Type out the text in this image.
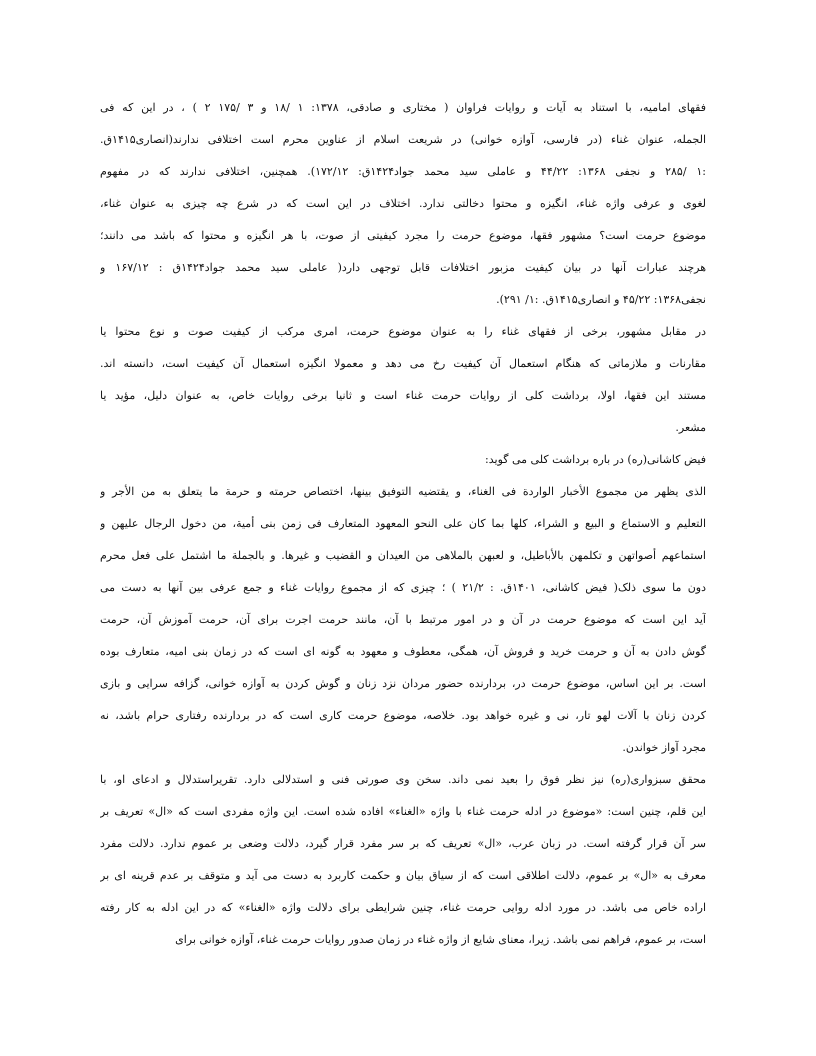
فقهای امامیه، با استناد به آیات و روایات فراوان ( مختاری و صادقی، ۱۳۷۸: ۱ /۱۸ و ۳ /۱۷۵ ۲ ) ، در این که فی
الجمله، عنوان غناء (در فارسی، آوازه خوانی) در شریعت اسلام از عناوین محرم است اختلافی ندارند(انصاری۱۴۱۵ق.
:۱ /۲۸۵ و نجفی ۱۳۶۸: ۴۴/۲۲ و عاملی سید محمد جواد۱۴۲۴ق: ۱۷۲/۱۲). همچنین، اختلافی ندارند که در مفهوم
لغوی و عرفی واژه غناء، انگیزه و محتوا دخالتی ندارد. اختلاف در این است که در شرع چه چیزی به عنوان غناء،
موضوع حرمت است؟ مشهور فقها، موضوع حرمت را مجرد کیفیتی از صوت، با هر انگیزه و محتوا که باشد می دانند؛
هرچند عبارات آنها در بیان کیفیت مزبور اختلافات قابل توجهی دارد( عاملی سید محمد جواد۱۴۲۴ق : ۱۶۷/۱۲ و
نجفی۱۳۶۸: ۴۵/۲۲ و انصاری۱۴۱۵ق. :۱/ ۲۹۱).
در مقابل مشهور، برخی از فقهای غناء را به عنوان موضوع حرمت، امری مرکب از کیفیت صوت و نوع محتوا یا
مقارنات و ملازماتی که هنگام استعمال آن کیفیت رخ می دهد و معمولا انگیزه استعمال آن کیفیت است، دانسته اند.
مستند این فقها، اولا، برداشت کلی از روایات حرمت غناء است و ثانیا برخی روایات خاص، به عنوان دلیل، مؤید یا
مشعر.
فیض کاشانی(ره) در باره برداشت کلی می گوید:
الذی یظهر من مجموع الأخبار الواردة فی الغناء، و یقتضیه التوفیق بینها، اختصاص حرمته و حرمة ما یتعلق به من الأجر و
التعلیم و الاستماع و البیع و الشراء، کلها بما کان علی النحو المعهود المتعارف فی زمن بنی أمیة، من دخول الرجال علیهن و
استماعهم أصواتهن و تکلمهن بالأباطیل، و لعبهن بالملاهی من العیدان و القضیب و غیرها. و بالجملة ما اشتمل علی فعل محرم
دون ما سوی ذلک( فیض کاشانی، ۱۴۰۱ق. : ۲۱/۲ ) ؛ چیزی که از مجموع روایات غناء و جمع عرفی بین آنها به دست می
آید این است که موضوع حرمت در آن و در امور مرتبط با آن، مانند حرمت اجرت برای آن، حرمت آموزش آن، حرمت
گوش دادن به آن و حرمت خرید و فروش آن، همگی، معطوف و معهود به گونه ای است که در زمان بنی امیه، متعارف بوده
است. بر این اساس، موضوع حرمت در، بردارنده حضور مردان نزد زنان و گوش کردن به آوازه خوانی، گزافه سرایی و بازی
کردن زنان با آلات لهو تار، نی و غیره خواهد بود. خلاصه، موضوع حرمت کاری است که در بردارنده رفتاری حرام باشد، نه
مجرد آواز خواندن.
محقق سبزواری(ره) نیز نظر فوق را بعید نمی داند. سخن وی صورتی فنی و استدلالی دارد. تقریراستدلال و ادعای او، با
این قلم، چنین است: «موضوع در ادله حرمت غناء با واژه «الغناء» افاده شده است. این واژه مفردی است که «ال» تعریف بر
سر آن قرار گرفته است. در زبان عرب، «ال» تعریف که بر سر مفرد قرار گیرد، دلالت وضعی بر عموم ندارد. دلالت مفرد
معرف به «ال» بر عموم، دلالت اطلاقی است که از سیاق بیان و حکمت کاربرد به دست می آید و متوقف بر عدم قرینه ای بر
اراده خاص می باشد. در مورد ادله روایی حرمت غناء، چنین شرایطی برای دلالت واژه «الغناء» که در این ادله به کار رفته
است، بر عموم، فراهم نمی باشد. زیرا، معنای شایع از واژه غناء در زمان صدور روایات حرمت غناء، آوازه خوانی برای
